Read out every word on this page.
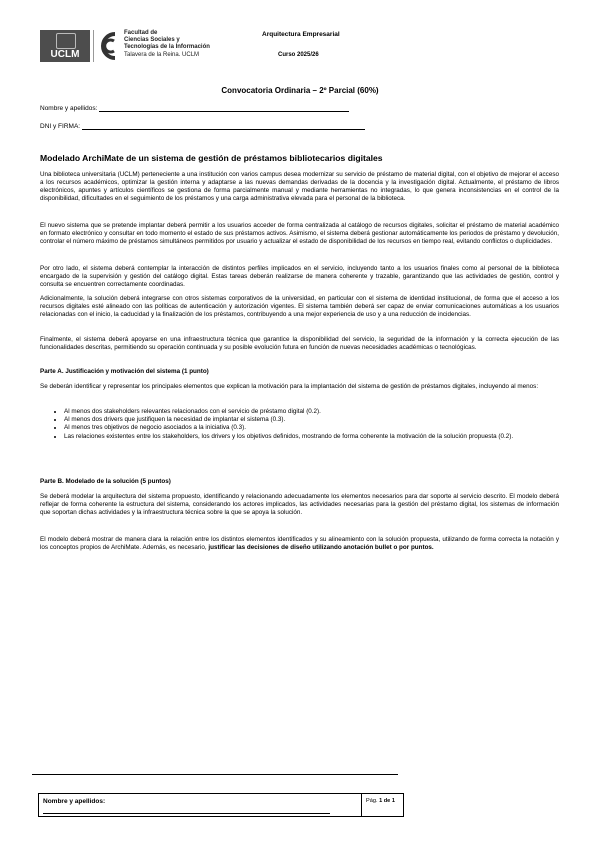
UCLM
Facultad de
Ciencias Sociales y
Tecnologías de la Información
Talavera de la Reina. UCLM
Arquitectura Empresarial
Curso 2025/26
Convocatoria Ordinaria – 2º Parcial (60%)
Nombre y apellidos:
DNI y FIRMA:
Modelado ArchiMate de un sistema de gestión de préstamos bibliotecarios digitales

Una biblioteca universitaria (UCLM) perteneciente a una institución con varios campus desea modernizar su servicio de préstamo de material digital, con el objetivo de mejorar el acceso a los recursos académicos, optimizar la gestión interna y adaptarse a las nuevas demandas derivadas de la docencia y la investigación digital. Actualmente, el préstamo de libros electrónicos, apuntes y artículos científicos se gestiona de forma parcialmente manual y mediante herramientas no integradas, lo que genera inconsistencias en el control de la disponibilidad, dificultades en el seguimiento de los préstamos y una carga administrativa elevada para el personal de la biblioteca.

El nuevo sistema que se pretende implantar deberá permitir a los usuarios acceder de forma centralizada al catálogo de recursos digitales, solicitar el préstamo de material académico en formato electrónico y consultar en todo momento el estado de sus préstamos activos. Asimismo, el sistema deberá gestionar automáticamente los periodos de préstamo y devolución, controlar el número máximo de préstamos simultáneos permitidos por usuario y actualizar el estado de disponibilidad de los recursos en tiempo real, evitando conflictos o duplicidades.

Por otro lado, el sistema deberá contemplar la interacción de distintos perfiles implicados en el servicio, incluyendo tanto a los usuarios finales como al personal de la biblioteca encargado de la supervisión y gestión del catálogo digital. Estas tareas deberán realizarse de manera coherente y trazable, garantizando que las actividades de gestión, control y consulta se encuentren correctamente coordinadas.

Adicionalmente, la solución deberá integrarse con otros sistemas corporativos de la universidad, en particular con el sistema de identidad institucional, de forma que el acceso a los recursos digitales esté alineado con las políticas de autenticación y autorización vigentes. El sistema también deberá ser capaz de enviar comunicaciones automáticas a los usuarios relacionadas con el inicio, la caducidad y la finalización de los préstamos, contribuyendo a una mejor experiencia de uso y a una reducción de incidencias.

Finalmente, el sistema deberá apoyarse en una infraestructura técnica que garantice la disponibilidad del servicio, la seguridad de la información y la correcta ejecución de las funcionalidades descritas, permitiendo su operación continuada y su posible evolución futura en función de nuevas necesidades académicas o tecnológicas.

Parte A. Justificación y motivación del sistema (1 punto)

Se deberán identificar y representar los principales elementos que explican la motivación para la implantación del sistema de gestión de préstamos digitales, incluyendo al menos:

• Al menos dos stakeholders relevantes relacionados con el servicio de préstamo digital (0.2).
• Al menos dos drivers que justifiquen la necesidad de implantar el sistema (0.3).
• Al menos tres objetivos de negocio asociados a la iniciativa (0.3).
• Las relaciones existentes entre los stakeholders, los drivers y los objetivos definidos, mostrando de forma coherente la motivación de la solución propuesta (0.2).
Parte B. Modelado de la solución (5 puntos)

Se deberá modelar la arquitectura del sistema propuesto, identificando y relacionando adecuadamente los elementos necesarios para dar soporte al servicio descrito. El modelo deberá reflejar de forma coherente la estructura del sistema, considerando los actores implicados, las actividades necesarias para la gestión del préstamo digital, los sistemas de información que soportan dichas actividades y la infraestructura técnica sobre la que se apoya la solución.

El modelo deberá mostrar de manera clara la relación entre los distintos elementos identificados y su alineamiento con la solución propuesta, utilizando de forma correcta la notación y los conceptos propios de ArchiMate. Además, es necesario, justificar las decisiones de diseño utilizando anotación bullet o por puntos.

Nombre y apellidos:	Pág. 1 de 1
